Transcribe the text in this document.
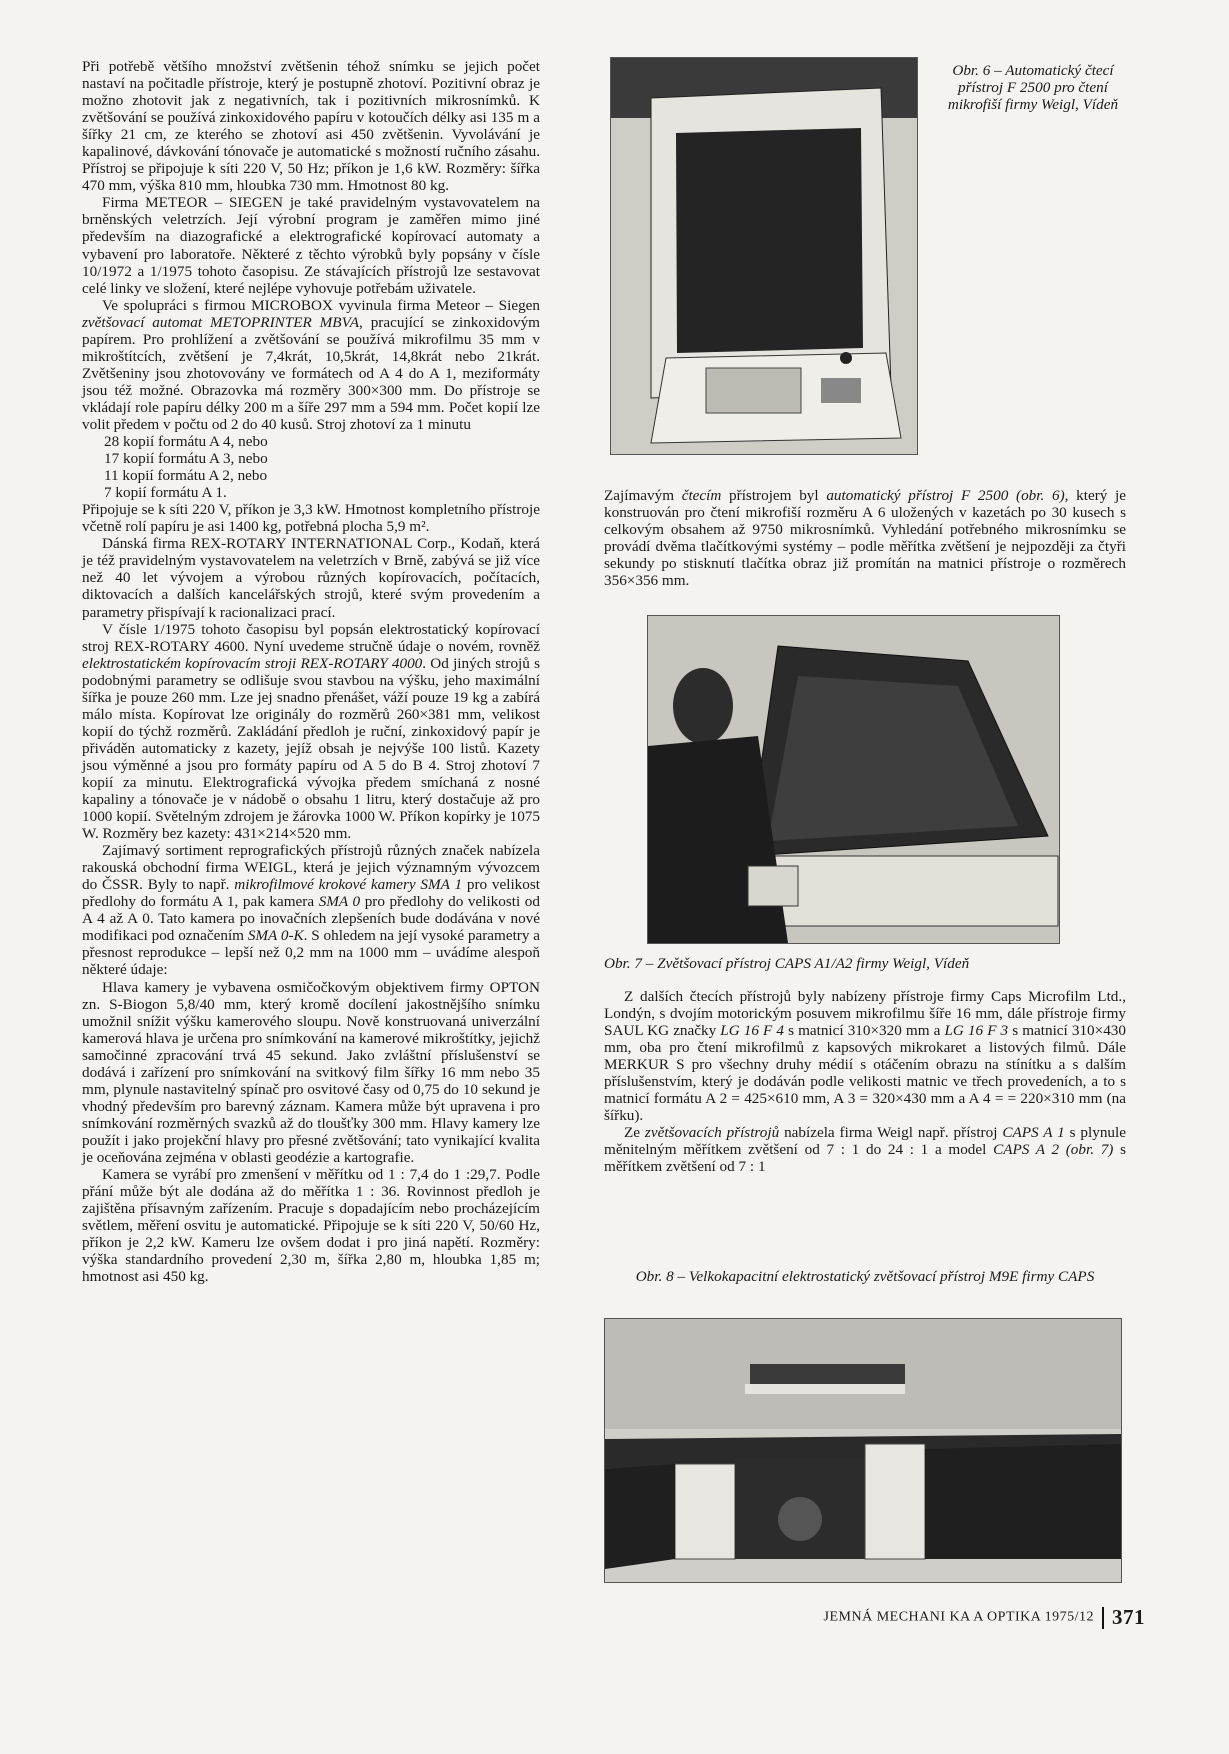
Při potřebě většího množství zvětšenin téhož snímku se jejich počet nastaví na počitadle přístroje, který je postupně zhotoví. Pozitivní obraz je možno zhotovit jak z negativních, tak i pozitivních mikrosnímků. K zvětšování se používá zinkoxidového papíru v kotoučích délky asi 135 m a šířky 21 cm, ze kterého se zhotoví asi 450 zvětšenin. Vyvolávání je kapalinové, dávkování tónovače je automatické s možností ručního zásahu. Přístroj se připojuje k síti 220 V, 50 Hz; příkon je 1,6 kW. Rozměry: šířka 470 mm, výška 810 mm, hloubka 730 mm. Hmotnost 80 kg.

Firma METEOR – SIEGEN je také pravidelným vystavovatelem na brněnských veletrzích. Její výrobní program je zaměřen mimo jiné především na diazografické a elektrografické kopírovací automaty a vybavení pro laboratoře. Některé z těchto výrobků byly popsány v čísle 10/1972 a 1/1975 tohoto časopisu. Ze stávajících přístrojů lze sestavovat celé linky ve složení, které nejlépe vyhovuje potřebám uživatele.

Ve spolupráci s firmou MICROBOX vyvinula firma Meteor – Siegen zvětšovací automat METOPRINTER MBVA, pracující se zinkoxidovým papírem. Pro prohlížení a zvětšování se používá mikrofilmu 35 mm v mikroštítcích, zvětšení je 7,4krát, 10,5krát, 14,8krát nebo 21krát. Zvětšeniny jsou zhotovovány ve formátech od A 4 do A 1, meziformáty jsou též možné. Obrazovka má rozměry 300×300 mm. Do přístroje se vkládají role papíru délky 200 m a šíře 297 mm a 594 mm. Počet kopií lze volit předem v počtu od 2 do 40 kusů. Stroj zhotoví za 1 minutu

28 kopií formátu A 4, nebo
17 kopií formátu A 3, nebo
11 kopií formátu A 2, nebo
7 kopií formátu A 1.

Připojuje se k síti 220 V, příkon je 3,3 kW. Hmotnost kompletního přístroje včetně rolí papíru je asi 1400 kg, potřebná plocha 5,9 m².

Dánská firma REX-ROTARY INTERNATIONAL Corp., Kodaň, která je též pravidelným vystavovatelem na veletrzích v Brně, zabývá se již více než 40 let vývojem a výrobou různých kopírovacích, počítacích, diktovacích a dalších kancelářských strojů, které svým provedením a parametry přispívají k racionalizaci prací.

V čísle 1/1975 tohoto časopisu byl popsán elektrostatický kopírovací stroj REX-ROTARY 4600. Nyní uvedeme stručně údaje o novém, rovněž elektrostatickém kopírovacím stroji REX-ROTARY 4000. Od jiných strojů s podobnými parametry se odlišuje svou stavbou na výšku, jeho maximální šířka je pouze 260 mm. Lze jej snadno přenášet, váží pouze 19 kg a zabírá málo místa. Kopírovat lze originály do rozměrů 260×381 mm, velikost kopií do týchž rozměrů. Zakládání předloh je ruční, zinkoxidový papír je přiváděn automaticky z kazety, jejíž obsah je nejvýše 100 listů. Kazety jsou výměnné a jsou pro formáty papíru od A 5 do B 4. Stroj zhotoví 7 kopií za minutu. Elektrografická vývojka předem smíchaná z nosné kapaliny a tónovače je v nádobě o obsahu 1 litru, který dostačuje až pro 1000 kopií. Světelným zdrojem je žárovka 1000 W. Příkon kopírky je 1075 W. Rozměry bez kazety: 431×214×520 mm.

Zajímavý sortiment reprografických přístrojů různých značek nabízela rakouská obchodní firma WEIGL, která je jejich významným vývozcem do ČSSR. Byly to např. mikrofilmové krokové kamery SMA 1 pro velikost předlohy do formátu A 1, pak kamera SMA 0 pro předlohy do velikosti od A 4 až A 0. Tato kamera po inovačních zlepšeních bude dodávána v nové modifikaci pod označením SMA 0-K. S ohledem na její vysoké parametry a přesnost reprodukce – lepší než 0,2 mm na 1000 mm – uvádíme alespoň některé údaje:

Hlava kamery je vybavena osmičočkovým objektivem firmy OPTON zn. S-Biogon 5,8/40 mm, který kromě docílení jakostnějšího snímku umožnil snížit výšku kamerového sloupu. Nově konstruovaná univerzální kamerová hlava je určena pro snímkování na kamerové mikroštítky, jejichž samočinné zpracování trvá 45 sekund. Jako zvláštní příslušenství se dodává i zařízení pro snímkování na svitkový film šířky 16 mm nebo 35 mm, plynule nastavitelný spínač pro osvitové časy od 0,75 do 10 sekund je vhodný především pro barevný záznam. Kamera může být upravena i pro snímkování rozměrných svazků až do tloušťky 300 mm. Hlavy kamery lze použít i jako projekční hlavy pro přesné zvětšování; tato vynikající kvalita je oceňována zejména v oblasti geodézie a kartografie.

Kamera se vyrábí pro zmenšení v měřítku od 1 : 7,4 do 1 :29,7. Podle přání může být ale dodána až do měřítka 1 : 36. Rovinnost předloh je zajištěna přísavným zařízením. Pracuje s dopadajícím nebo procházejícím světlem, měření osvitu je automatické. Připojuje se k síti 220 V, 50/60 Hz, příkon je 2,2 kW. Kameru lze ovšem dodat i pro jiná napětí. Rozměry: výška standardního provedení 2,30 m, šířka 2,80 m, hloubka 1,85 m; hmotnost asi 450 kg.

Obr. 6 – Automatický čtecí přístroj F 2500 pro čtení mikrofiší firmy Weigl, Vídeň

Zajímavým čtecím přístrojem byl automatický přístroj F 2500 (obr. 6), který je konstruován pro čtení mikrofiší rozměru A 6 uložených v kazetách po 30 kusech s celkovým obsahem až 9750 mikrosnímků. Vyhledání potřebného mikrosnímku se provádí dvěma tlačítkovými systémy – podle měřítka zvětšení je nejpozději za čtyři sekundy po stisknutí tlačítka obraz již promítán na matnici přístroje o rozměrech 356×356 mm.

Obr. 7 – Zvětšovací přístroj CAPS A1/A2 firmy Weigl, Vídeň

Z dalších čtecích přístrojů byly nabízeny přístroje firmy Caps Microfilm Ltd., Londýn, s dvojím motorickým posuvem mikrofilmu šíře 16 mm, dále přístroje firmy SAUL KG značky LG 16 F 4 s matnicí 310×320 mm a LG 16 F 3 s matnicí 310×430 mm, oba pro čtení mikrofilmů z kapsových mikrokaret a listových filmů. Dále MERKUR S pro všechny druhy médií s otáčením obrazu na stínítku a s dalším příslušenstvím, který je dodáván podle velikosti matnic ve třech provedeních, a to s matnicí formátu A 2 = 425×610 mm, A 3 = 320×430 mm a A 4 = = 220×310 mm (na šířku).

Ze zvětšovacích přístrojů nabízela firma Weigl např. přístroj CAPS A 1 s plynule měnitelným měřítkem zvětšení od 7 : 1 do 24 : 1 a model CAPS A 2 (obr. 7) s měřítkem zvětšení od 7 : 1

Obr. 8 – Velkokapacitní elektrostatický zvětšovací přístroj M9E firmy CAPS
JEMNÁ MECHANI KA A OPTIKA 1975/12 371
